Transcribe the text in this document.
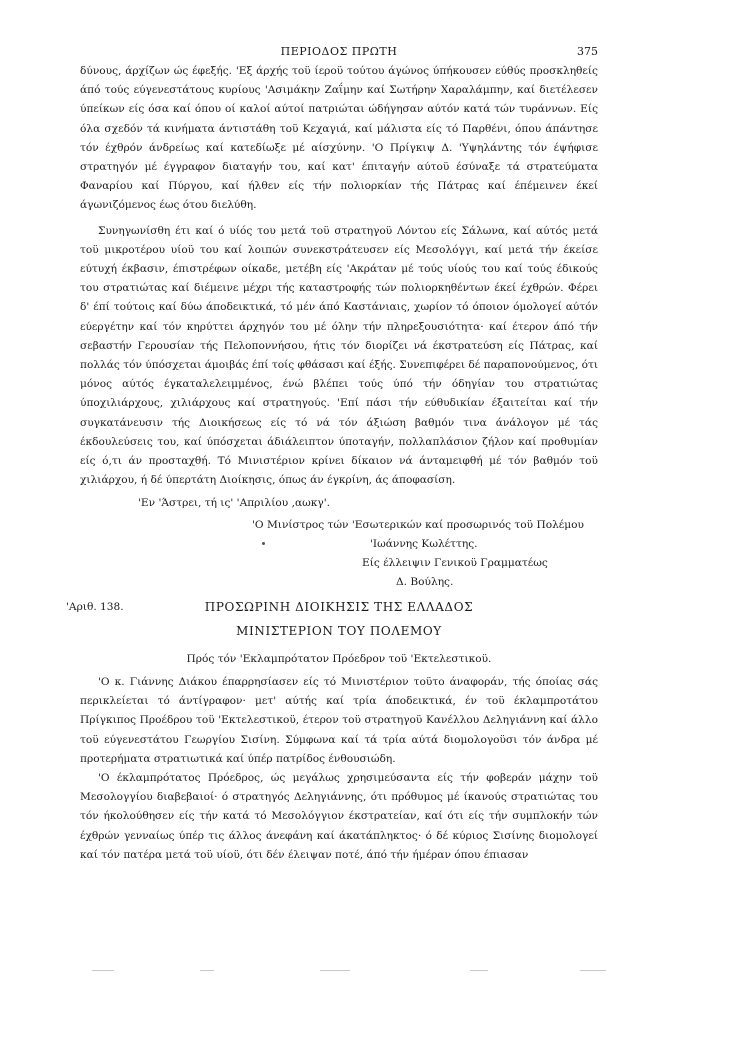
ΠΕΡΙΟΔΟΣ ΠΡΩΤΗ	375

δύνους, άρχίζων ώς έφεξής. 'Εξ άρχής τοϋ ίεροϋ τούτου άγώνος ύπήκουσεν εύθύς προσκληθείς άπό τούς εύγενεστάτους κυρίους 'Ασιμάκην Ζαΐμην καί Σωτήρην Χαραλάμπην, καί διετέλεσεν ύπείκων είς όσα καί όπου οί καλοί αύτοί πατριώται ώδήγησαν αύτόν κατά τών τυράννων. Είς όλα σχεδόν τά κινήματα άντιστάθη τοϋ Κεχαγιά, καί μάλιστα είς τό Παρθένι, όπου άπάντησε τόν έχθρόν άνδρείως καί κατεδίωξε μέ αίσχύνην. 'Ο Πρίγκιψ Δ. 'Υψηλάντης τόν έψήφισε στρατηγόν μέ έγγραφον διαταγήν του, καί κατ' έπιταγήν αύτοϋ έσύναξε τά στρατεύματα Φαναρίου καί Πύργου, καί ήλθεν είς τήν πολιορκίαν τής Πάτρας καί έπέμεινεν έκεί άγωνιζόμενος έως ότου διελύθη.

Συνηγωνίσθη έτι καί ό υίός του μετά τοϋ στρατηγοϋ Λόντου είς Σάλωνα, καί αύτός μετά τοϋ μικροτέρου υίοϋ του καί λοιπών συνεκστράτευσεν είς Μεσολόγγι, καί μετά τήν έκείσε εύτυχή έκβασιν, έπιστρέφων οίκαδε, μετέβη είς 'Ακράταν μέ τούς υίούς του καί τούς έδικούς του στρατιώτας καί διέμεινε μέχρι τής καταστροφής τών πολιορκηθέντων έκεί έχθρών. Φέρει δ' έπί τούτοις καί δύω άποδεικτικά, τό μέν άπό Καστάνιαις, χωρίον τό όποιον όμολογεί αύτόν εύεργέτην καί τόν κηρύττει άρχηγόν του μέ όλην τήν πληρεξουσιότητα· καί έτερον άπό τήν σεβαστήν Γερουσίαν τής Πελοποννήσου, ήτις τόν διορίζει νά έκστρατεύση είς Πάτρας, καί πολλάς τόν ύπόσχεται άμοιβάς έπί τοίς φθάσασι καί έξής. Συνεπιφέρει δέ παραπονούμενος, ότι μόνος αύτός έγκαταλελειμμένος, ένώ βλέπει τούς ύπό τήν όδηγίαν του στρατιώτας ύποχιλιάρχους, χιλιάρχους καί στρατηγούς. 'Επί πάσι τήν εύθυδικίαν έξαιτείται καί τήν συγκατάνευσιν τής Διοικήσεως είς τό νά τόν άξιώση βαθμόν τινα άνάλογον μέ τάς έκδουλεύσεις του, καί ύπόσχεται άδιάλειπτον ύποταγήν, πολλαπλάσιον ζήλον καί προθυμίαν είς ό,τι άν προσταχθή. Τό Μινιστέριον κρίνει δίκαιον νά άνταμειφθή μέ τόν βαθμόν τοϋ χιλιάρχου, ή δέ ύπερτάτη Διοίκησις, όπως άν έγκρίνη, άς άποφασίση.

'Εν 'Άστρει, τή ις' 'Απριλίου ,αωκγ'.
'Ο Μινίστρος τών 'Εσωτερικών καί προσωρινός τοϋ Πολέμου
'Ιωάννης Κωλέττης.
Είς έλλειψιν Γενικοϋ Γραμματέως
Δ. Βούλης.
'Αριθ. 138.	ΠΡΟΣΩΡΙΝΗ ΔΙΟΙΚΗΣΙΣ ΤΗΣ ΕΛΛΑΔΟΣ
ΜΙΝΙΣΤΕΡΙΟΝ ΤΟΥ ΠΟΛΕΜΟΥ
Πρός τόν 'Εκλαμπρότατον Πρόεδρον τοϋ 'Εκτελεστικοϋ.

'Ο κ. Γιάννης Διάκου έπαρρησίασεν είς τό Μινιστέριον τοϋτο άναφοράν, τής όποίας σάς περικλείεται τό άντίγραφον· μετ' αύτής καί τρία άποδεικτικά, έν τοϋ έκλαμπροτάτου Πρίγκιπος Προέδρου τοϋ 'Εκτελεστικοϋ, έτερον τοϋ στρατηγοϋ Κανέλλου Δεληγιάννη καί άλλο τοϋ εύγενεστάτου Γεωργίου Σισίνη. Σύμφωνα καί τά τρία αύτά διομολογοϋσι τόν άνδρα μέ προτερήματα στρατιωτικά καί ύπέρ πατρίδος ένθουσιώδη.

'Ο έκλαμπρότατος Πρόεδρος, ώς μεγάλως χρησιμεύσαντα είς τήν φοβεράν μάχην τοϋ Μεσολογγίου διαβεβαιοί· ό στρατηγός Δεληγιάννης, ότι πρόθυμος μέ ίκανούς στρατιώτας του τόν ήκολούθησεν είς τήν κατά τό Μεσολόγγιον έκστρατείαν, καί ότι είς τήν συμπλοκήν τών έχθρών γενναίως ύπέρ τις άλλος άνεφάνη καί άκατάπληκτος· ό δέ κύριος Σισίνης διομολογεί καί τόν πατέρα μετά τοϋ υίοϋ, ότι δέν έλειψαν ποτέ, άπό τήν ήμέραν όπου έπιασαν
